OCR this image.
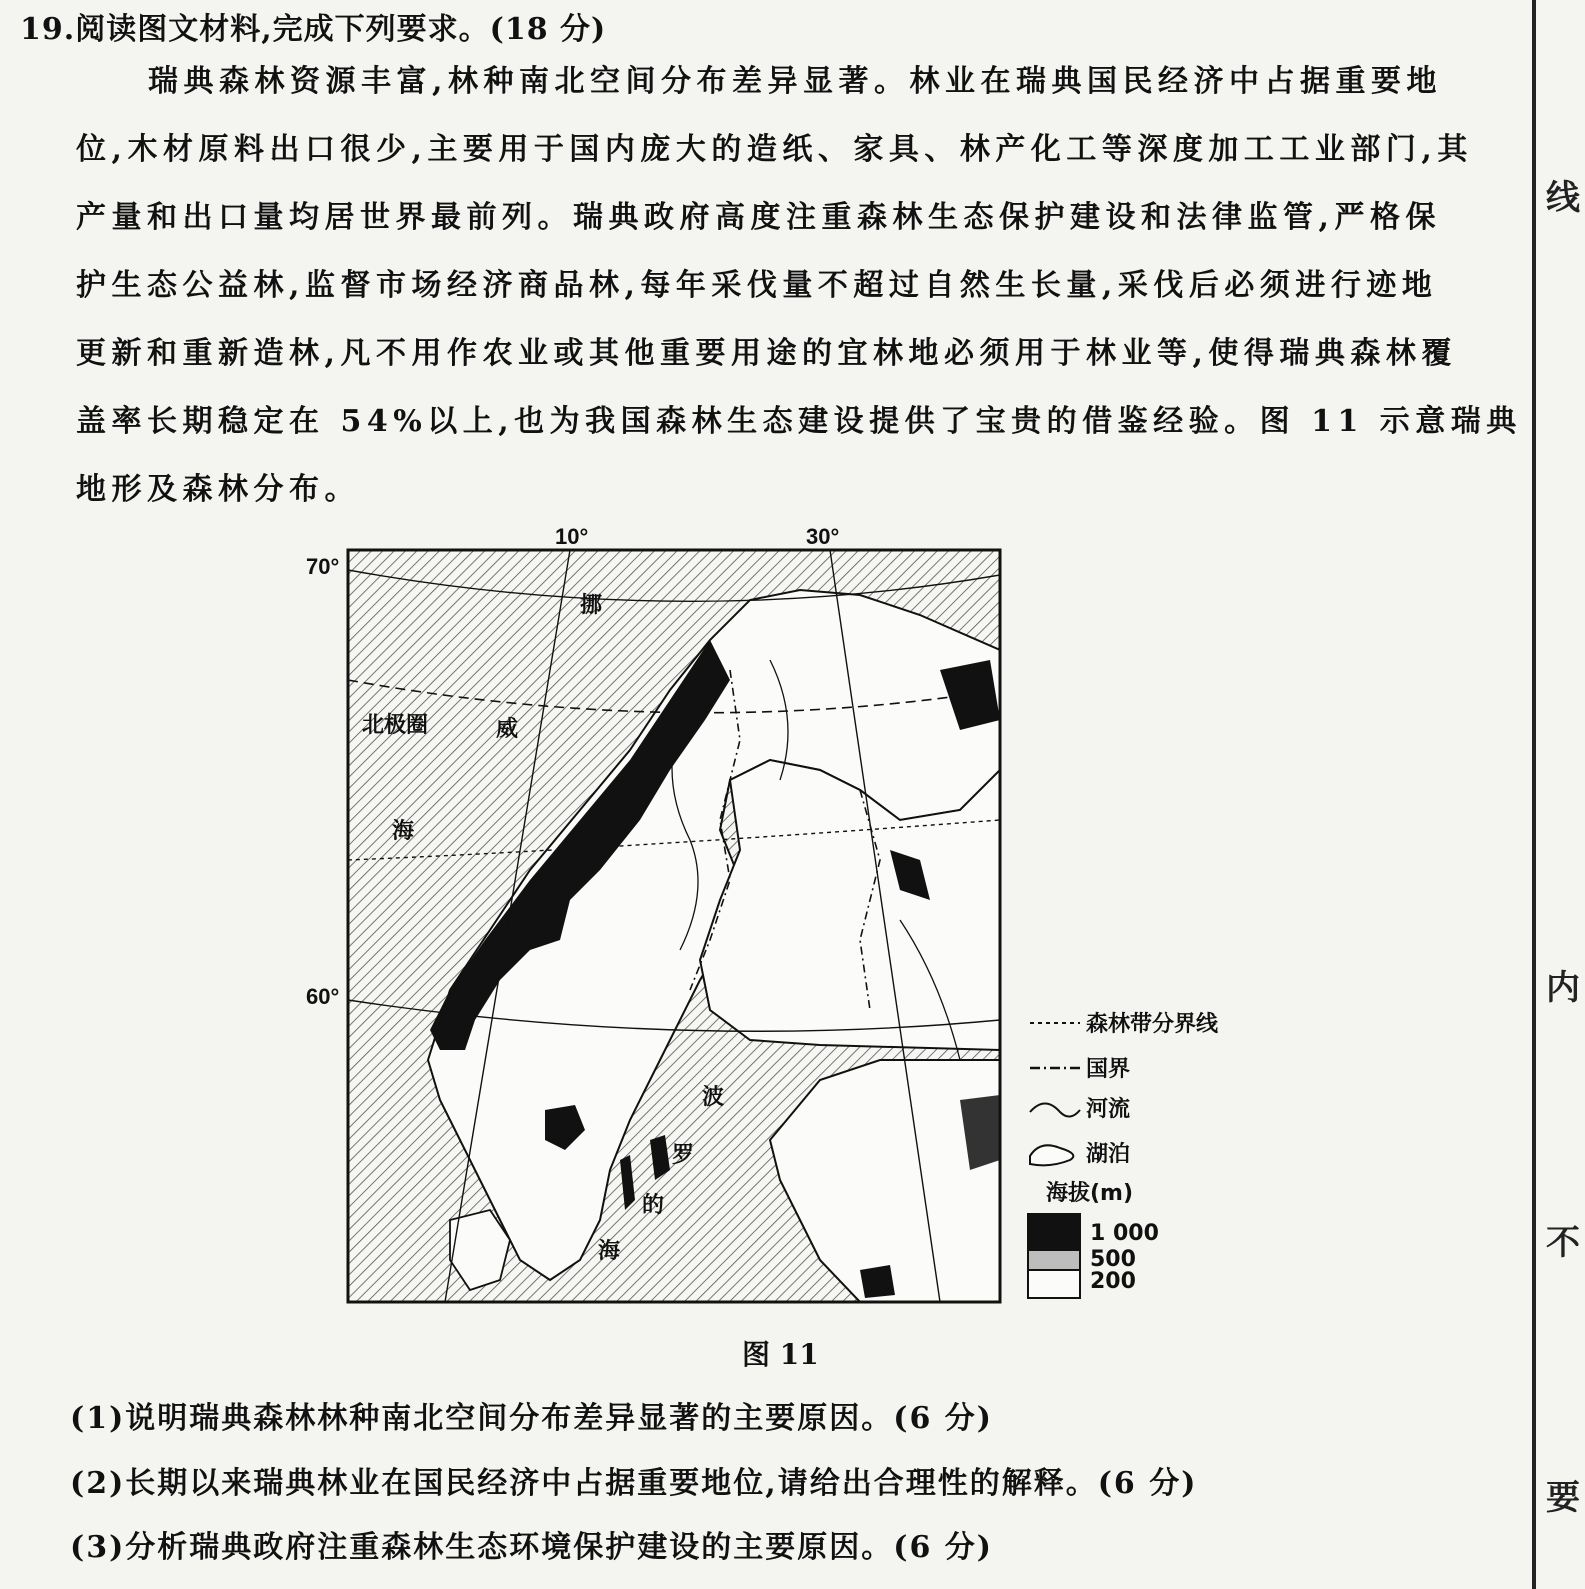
19.阅读图文材料,完成下列要求。(18 分)
瑞典森林资源丰富,林种南北空间分布差异显著。林业在瑞典国民经济中占据重要地
位,木材原料出口很少,主要用于国内庞大的造纸、家具、林产化工等深度加工工业部门,其
产量和出口量均居世界最前列。瑞典政府高度注重森林生态保护建设和法律监管,严格保
护生态公益林,监督市场经济商品林,每年采伐量不超过自然生长量,采伐后必须进行迹地
更新和重新造林,凡不用作农业或其他重要用途的宜林地必须用于林业等,使得瑞典森林覆
盖率长期稳定在 54%以上,也为我国森林生态建设提供了宝贵的借鉴经验。图 11 示意瑞典
地形及森林分布。
10°	30°
70°
60°
北极圈
挪
威
海
波
罗
的
海
森林带分界线
国界
河流
湖泊
海拔(m)
1 000
500
200
图 11
(1)说明瑞典森林林种南北空间分布差异显著的主要原因。(6 分)
(2)长期以来瑞典林业在国民经济中占据重要地位,请给出合理性的解释。(6 分)
(3)分析瑞典政府注重森林生态环境保护建设的主要原因。(6 分)
线
内
不
要
